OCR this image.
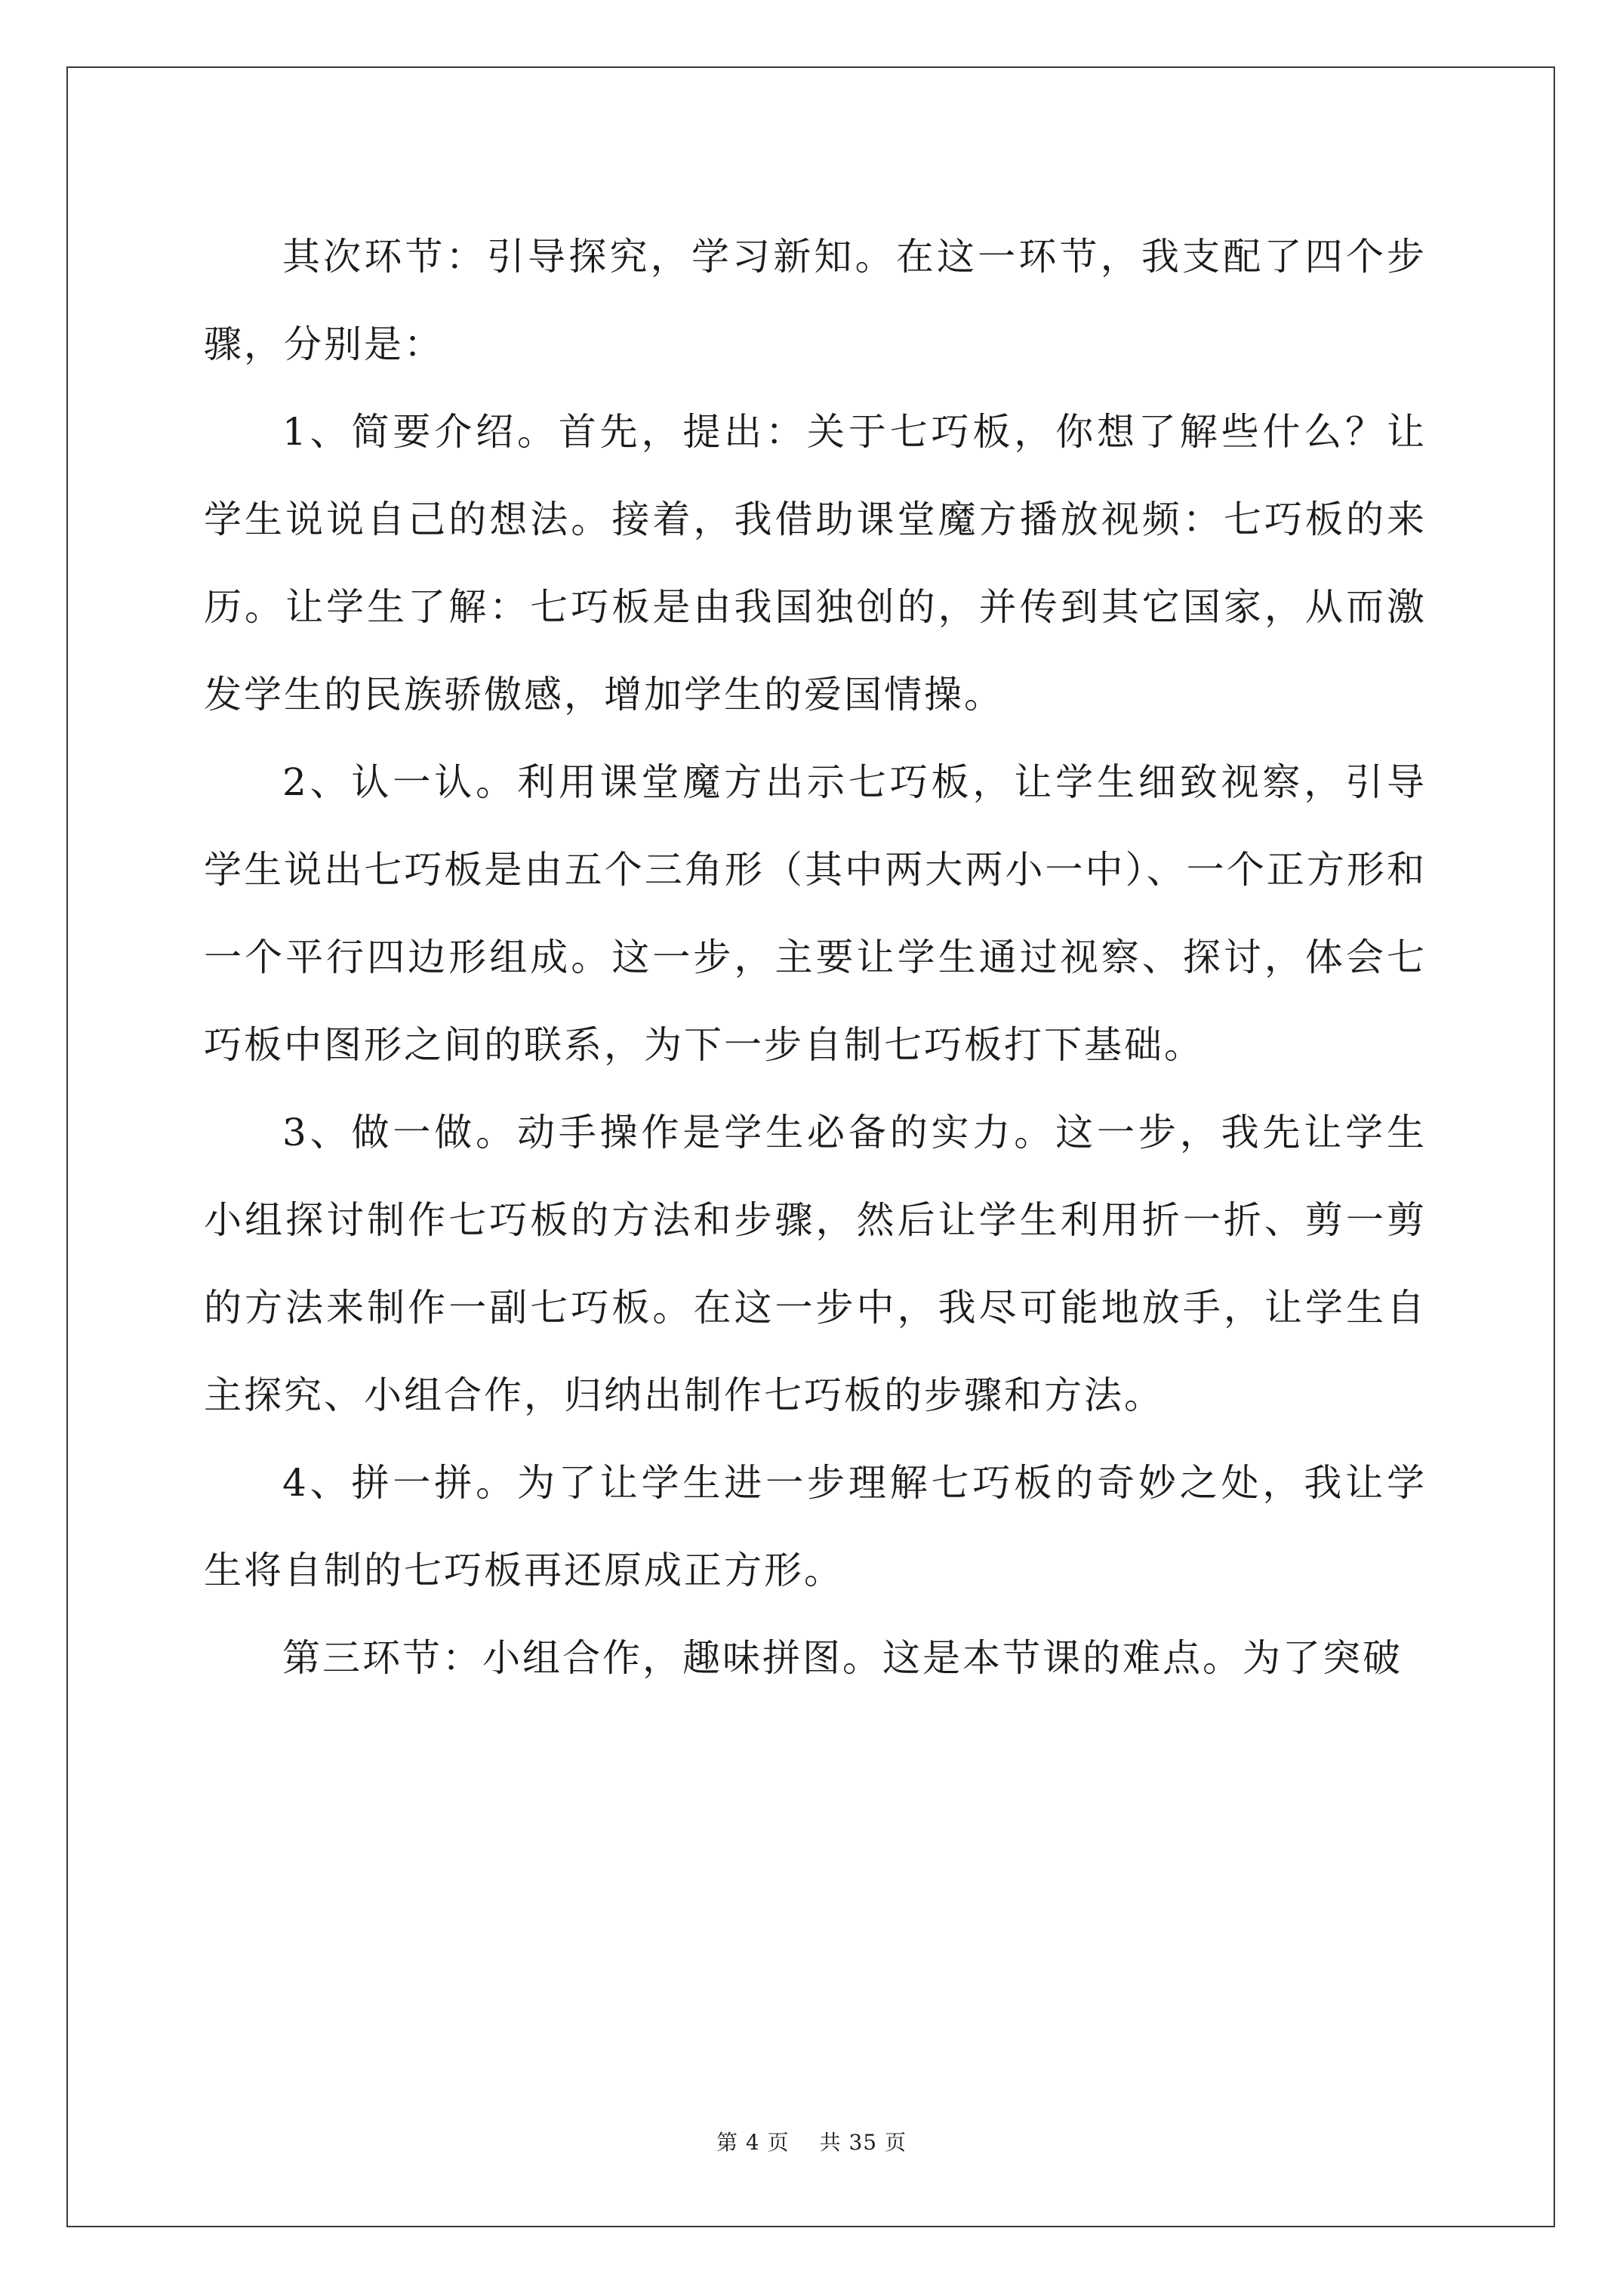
其次环节：引导探究，学习新知。在这一环节，我支配了四个步骤，分别是：

1、简要介绍。首先，提出：关于七巧板，你想了解些什么？让学生说说自己的想法。接着，我借助课堂魔方播放视频：七巧板的来历。让学生了解：七巧板是由我国独创的，并传到其它国家，从而激发学生的民族骄傲感，增加学生的爱国情操。

2、认一认。利用课堂魔方出示七巧板，让学生细致视察，引导学生说出七巧板是由五个三角形（其中两大两小一中）、一个正方形和一个平行四边形组成。这一步，主要让学生通过视察、探讨，体会七巧板中图形之间的联系，为下一步自制七巧板打下基础。

3、做一做。动手操作是学生必备的实力。这一步，我先让学生小组探讨制作七巧板的方法和步骤，然后让学生利用折一折、剪一剪的方法来制作一副七巧板。在这一步中，我尽可能地放手，让学生自主探究、小组合作，归纳出制作七巧板的步骤和方法。

4、拼一拼。为了让学生进一步理解七巧板的奇妙之处，我让学生将自制的七巧板再还原成正方形。

第三环节：小组合作，趣味拼图。这是本节课的难点。为了突破

第 4 页 共 35 页
